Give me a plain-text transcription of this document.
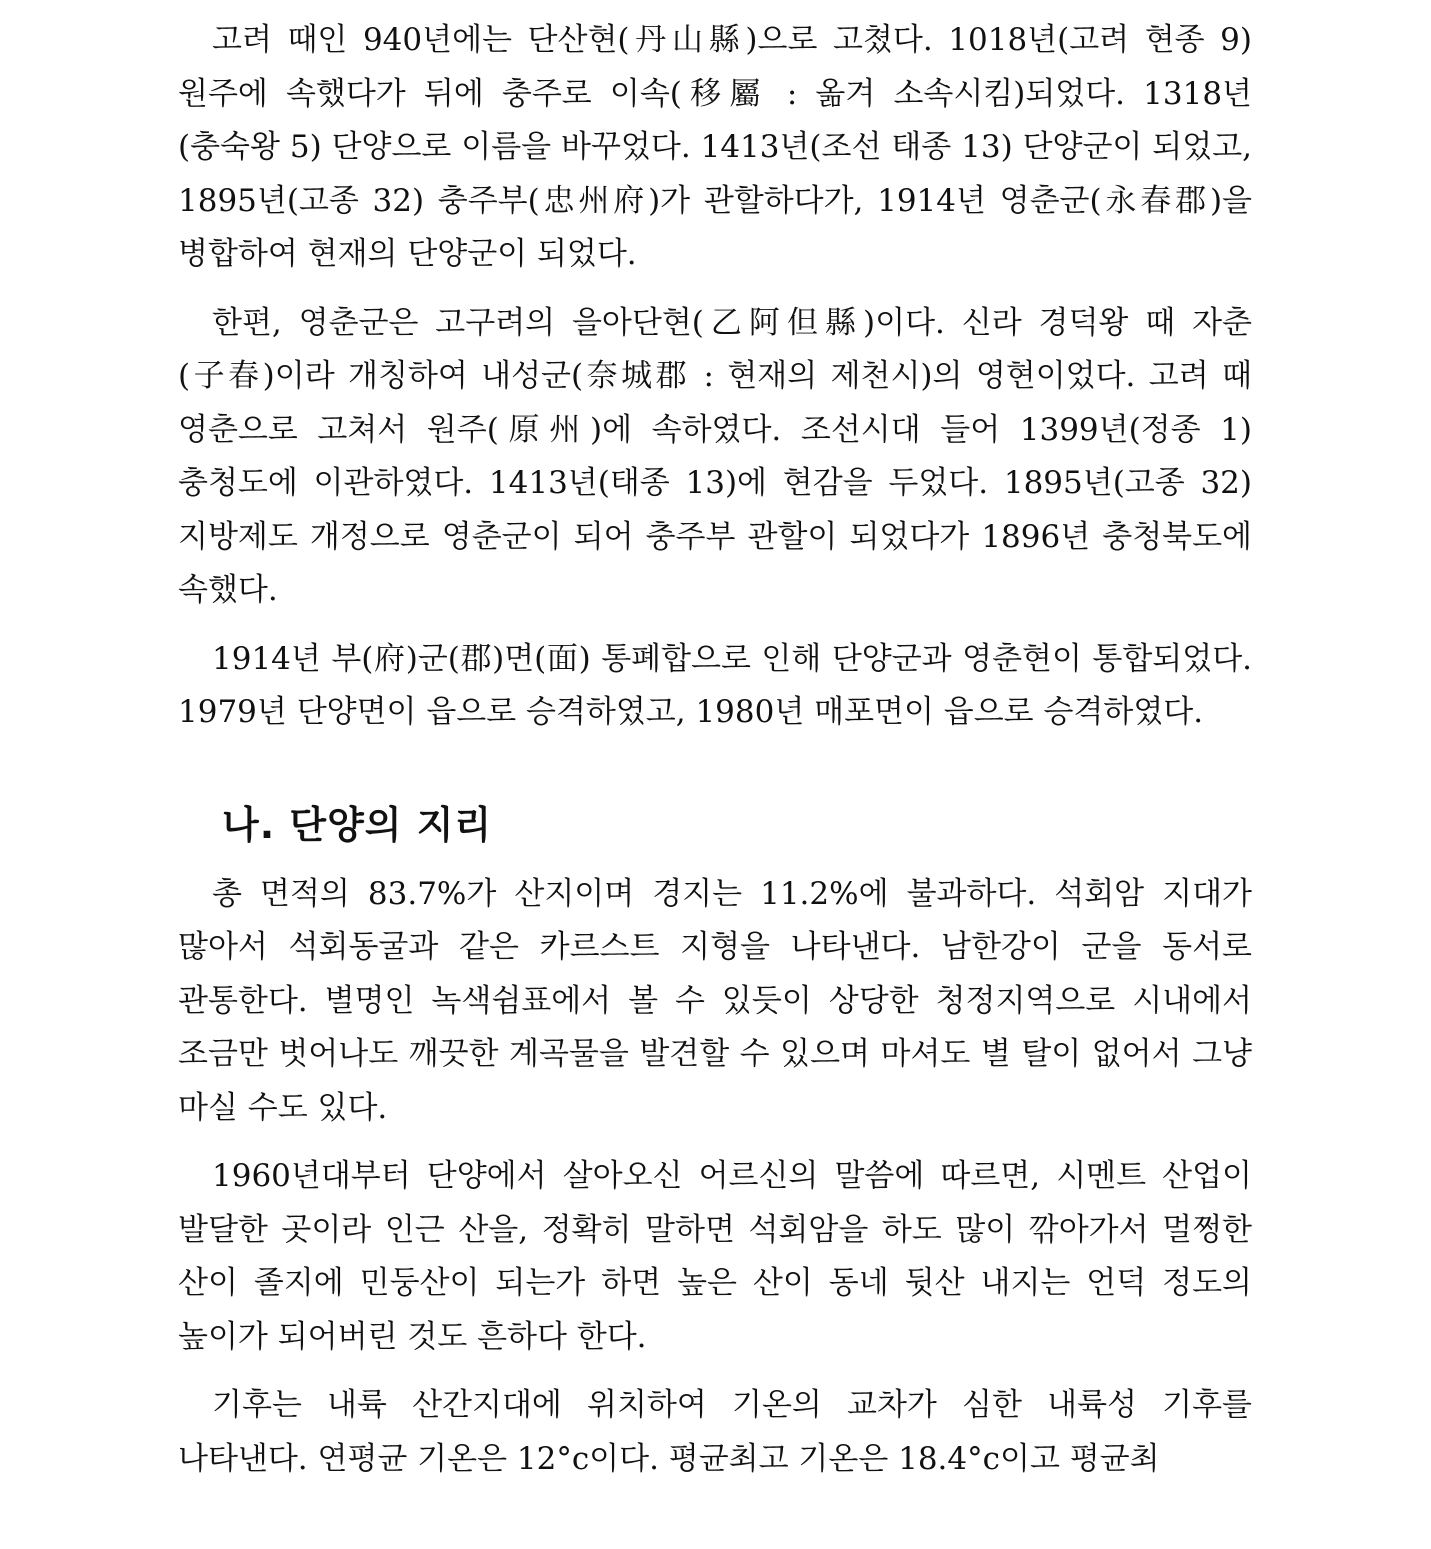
고려 때인 940년에는 단산현(丹山縣)으로 고쳤다. 1018년(고려 현종 9) 원주에 속했다가 뒤에 충주로 이속(移屬 : 옮겨 소속시킴)되었다. 1318년(충숙왕 5) 단양으로 이름을 바꾸었다. 1413년(조선 태종 13) 단양군이 되었고, 1895년(고종 32) 충주부(忠州府)가 관할하다가, 1914년 영춘군(永春郡)을 병합하여 현재의 단양군이 되었다.

한편, 영춘군은 고구려의 을아단현(乙阿但縣)이다. 신라 경덕왕 때 자춘(子春)이라 개칭하여 내성군(奈城郡 : 현재의 제천시)의 영현이었다. 고려 때 영춘으로 고쳐서 원주(原州)에 속하였다. 조선시대 들어 1399년(정종 1) 충청도에 이관하였다. 1413년(태종 13)에 현감을 두었다. 1895년(고종 32) 지방제도 개정으로 영춘군이 되어 충주부 관할이 되었다가 1896년 충청북도에 속했다.

1914년 부(府)군(郡)면(面) 통폐합으로 인해 단양군과 영춘현이 통합되었다. 1979년 단양면이 읍으로 승격하였고, 1980년 매포면이 읍으로 승격하였다.

나. 단양의 지리

총 면적의 83.7%가 산지이며 경지는 11.2%에 불과하다. 석회암 지대가 많아서 석회동굴과 같은 카르스트 지형을 나타낸다. 남한강이 군을 동서로 관통한다. 별명인 녹색쉼표에서 볼 수 있듯이 상당한 청정지역으로 시내에서 조금만 벗어나도 깨끗한 계곡물을 발견할 수 있으며 마셔도 별 탈이 없어서 그냥 마실 수도 있다.

1960년대부터 단양에서 살아오신 어르신의 말씀에 따르면, 시멘트 산업이 발달한 곳이라 인근 산을, 정확히 말하면 석회암을 하도 많이 깎아가서 멀쩡한 산이 졸지에 민둥산이 되는가 하면 높은 산이 동네 뒷산 내지는 언덕 정도의 높이가 되어버린 것도 흔하다 한다.

기후는 내륙 산간지대에 위치하여 기온의 교차가 심한 내륙성 기후를 나타낸다. 연평균 기온은 12°c이다. 평균최고 기온은 18.4°c이고 평균최
